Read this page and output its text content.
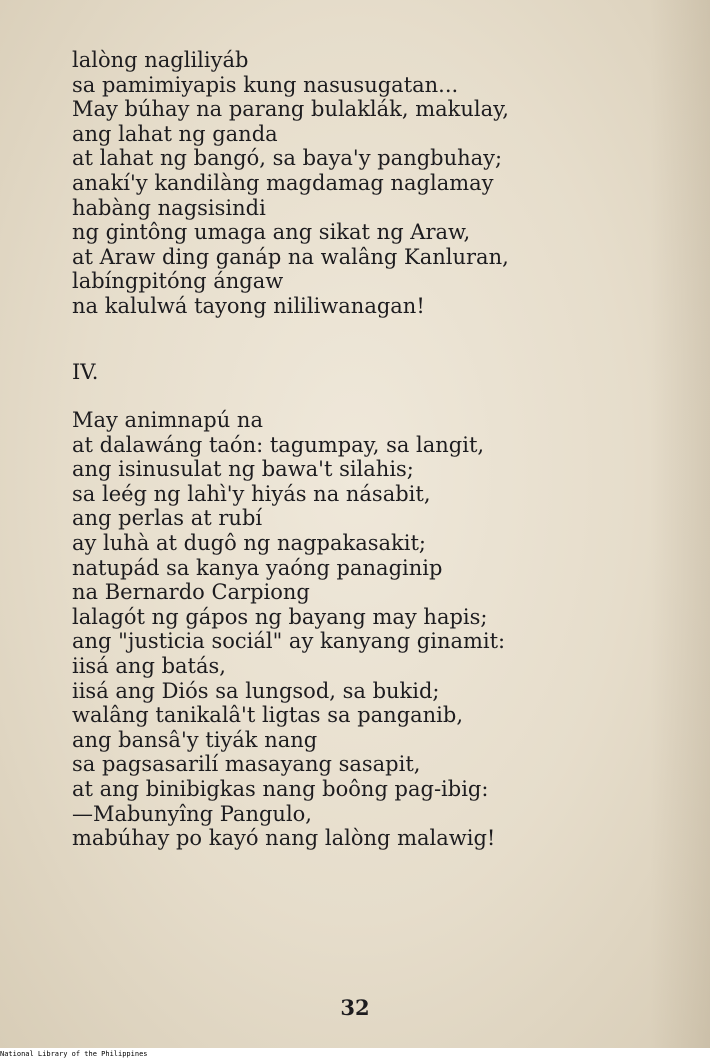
lalòng nagliliyáb
sa pamimiyapis kung nasusugatan...
May búhay na parang bulaklák, makulay,
ang lahat ng ganda
at lahat ng bangó, sa baya'y pangbuhay;
anakí'y kandilàng magdamag naglamay
habàng nagsisindi
ng gintông umaga ang sikat ng Araw,
at Araw ding ganáp na walâng Kanluran,
labíngpitóng ángaw
na kalulwá tayong nililiwanagan!
IV.
May animnapú na
at dalawáng taón: tagumpay, sa langit,
ang isinusulat ng bawa't silahis;
sa leég ng lahì'y hiyás na násabit,
ang perlas at rubí
ay luhà at dugô ng nagpakasakit;
natupád sa kanya yaóng panaginip
na Bernardo Carpiong
lalagót ng gápos ng bayang may hapis;
ang "justicia sociál" ay kanyang ginamit:
iisá ang batás,
iisá ang Diós sa lungsod, sa bukid;
walâng tanikalâ't ligtas sa panganib,
ang bansâ'y tiyák nang
sa pagsasarilí masayang sasapit,
at ang binibigkas nang boông pag-ibig:
—Mabunyîng Pangulo,
mabúhay po kayó nang lalòng malawig!
32
National Library of the Philippines
